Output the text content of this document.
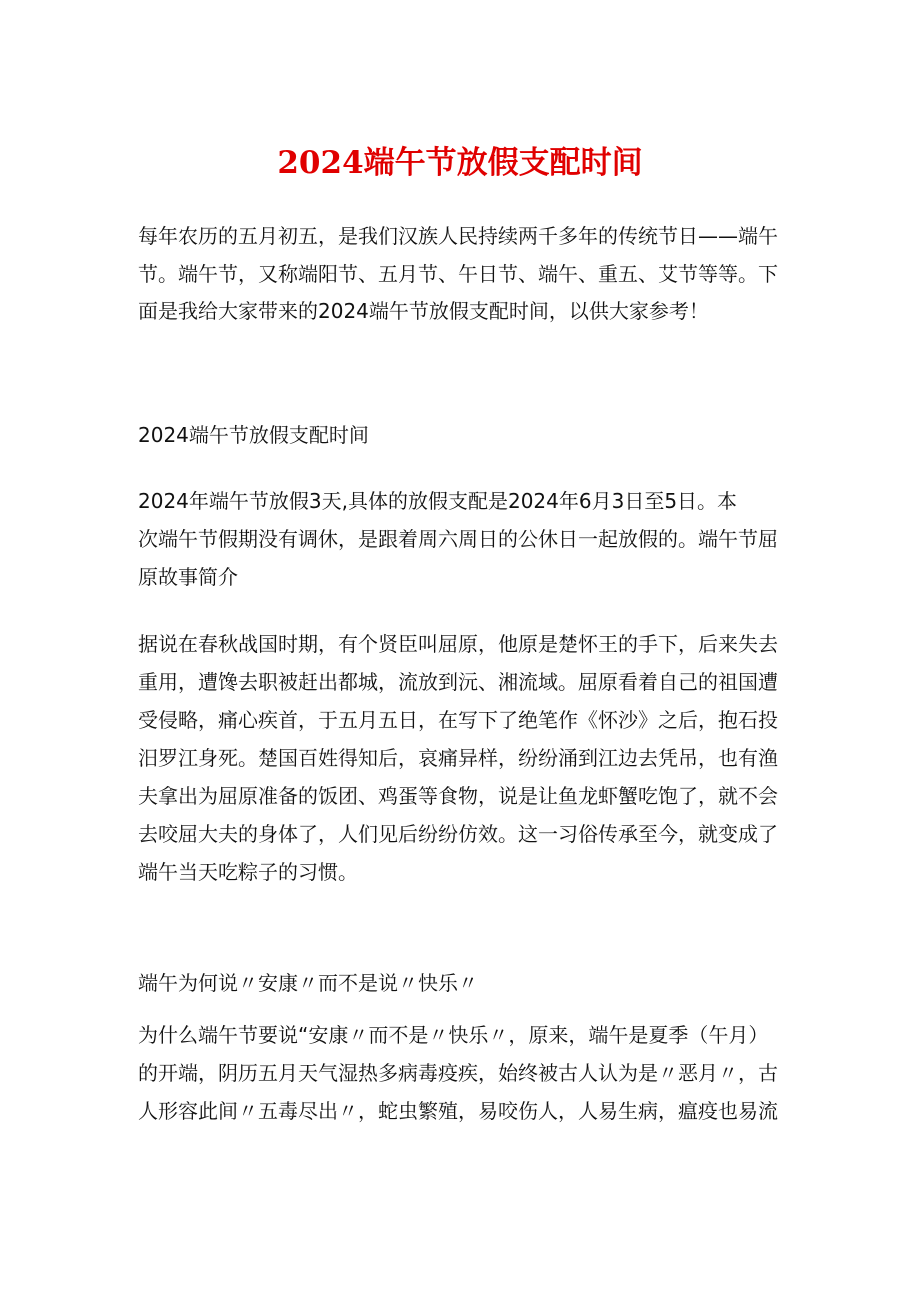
2024端午节放假支配时间
每年农历的五月初五，是我们汉族人民持续两千多年的传统节日——端午
节。端午节，又称端阳节、五月节、午日节、端午、重五、艾节等等。下
面是我给大家带来的2024端午节放假支配时间，以供大家参考！
2024端午节放假支配时间
2024年端午节放假3天,具体的放假支配是2024年6月3日至5日。本
次端午节假期没有调休，是跟着周六周日的公休日一起放假的。端午节屈
原故事简介
据说在春秋战国时期，有个贤臣叫屈原，他原是楚怀王的手下，后来失去
重用，遭馋去职被赶出都城，流放到沅、湘流域。屈原看着自己的祖国遭
受侵略，痛心疾首，于五月五日，在写下了绝笔作《怀沙》之后，抱石投
汨罗江身死。楚国百姓得知后，哀痛异样，纷纷涌到江边去凭吊，也有渔
夫拿出为屈原准备的饭团、鸡蛋等食物，说是让鱼龙虾蟹吃饱了，就不会
去咬屈大夫的身体了，人们见后纷纷仿效。这一习俗传承至今，就变成了
端午当天吃粽子的习惯。
端午为何说〃安康〃而不是说〃快乐〃
为什么端午节要说“安康〃而不是〃快乐〃，原来，端午是夏季（午月）
的开端，阴历五月天气湿热多病毒疫疾，始终被古人认为是〃恶月〃，古
人形容此间〃五毒尽出〃，蛇虫繁殖，易咬伤人，人易生病，瘟疫也易流
